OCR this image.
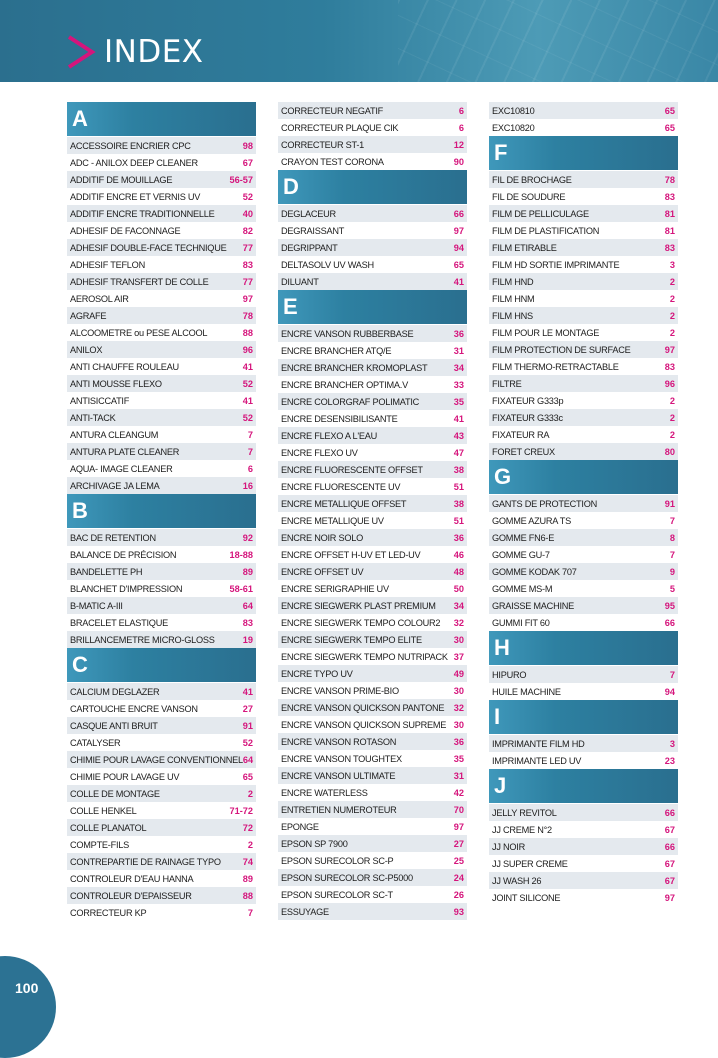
INDEX
A
ACCESSOIRE ENCRIER CPC	98
ADC - ANILOX DEEP CLEANER	67
ADDITIF DE MOUILLAGE	56-57
ADDITIF ENCRE ET VERNIS UV	52
ADDITIF ENCRE TRADITIONNELLE	40
ADHESIF DE FACONNAGE	82
ADHESIF DOUBLE-FACE TECHNIQUE 77
ADHESIF TEFLON	83
ADHESIF TRANSFERT DE COLLE	77
AEROSOL AIR	97
AGRAFE	78
ALCOOMETRE ou PESE ALCOOL	88
ANILOX	96
ANTI CHAUFFE ROULEAU	41
ANTI MOUSSE FLEXO	52
ANTISICCATIF	41
ANTI-TACK	52
ANTURA CLEANGUM	7
ANTURA PLATE CLEANER	7
AQUA- IMAGE CLEANER	6
ARCHIVAGE JA LEMA	16
B
BAC DE RETENTION	92
BALANCE DE PRÉCISION	18-88
BANDELETTE PH	89
BLANCHET D'IMPRESSION	58-61
B-MATIC A-III	64
BRACELET ELASTIQUE	83
BRILLANCEMETRE MICRO-GLOSS	19
C
CALCIUM DEGLAZER	41
CARTOUCHE ENCRE VANSON	27
CASQUE ANTI BRUIT	91
CATALYSER	52
CHIMIE POUR LAVAGE CONVENTIONNEL 64
CHIMIE POUR LAVAGE UV	65
COLLE DE MONTAGE	2
COLLE HENKEL	71-72
COLLE PLANATOL	72
COMPTE-FILS	2
CONTREPARTIE DE RAINAGE TYPO 74
CONTROLEUR D'EAU HANNA	89
CONTROLEUR D'EPAISSEUR	88
CORRECTEUR KP	7
CORRECTEUR NEGATIF	6
CORRECTEUR PLAQUE CIK	6
CORRECTEUR ST-1	12
CRAYON TEST CORONA	90
D
DEGLACEUR	66
DEGRAISSANT	97
DEGRIPPANT	94
DELTASOLV UV WASH	65
DILUANT	41
E
ENCRE VANSON RUBBERBASE	36
ENCRE BRANCHER ATQ/E	31
ENCRE BRANCHER KROMOPLAST	34
ENCRE BRANCHER OPTIMA.V	33
ENCRE COLORGRAF POLIMATIC	35
ENCRE DESENSIBILISANTE	41
ENCRE FLEXO A L'EAU	43
ENCRE FLEXO UV	47
ENCRE FLUORESCENTE OFFSET	38
ENCRE FLUORESCENTE UV	51
ENCRE METALLIQUE OFFSET	38
ENCRE METALLIQUE UV	51
ENCRE NOIR SOLO	36
ENCRE OFFSET H-UV ET LED-UV	46
ENCRE OFFSET UV	48
ENCRE SERIGRAPHIE UV	50
ENCRE SIEGWERK PLAST PREMIUM 34
ENCRE SIEGWERK TEMPO COLOUR2 32
ENCRE SIEGWERK TEMPO ELITE	30
ENCRE SIEGWERK TEMPO NUTRIPACK 37
ENCRE TYPO UV	49
ENCRE VANSON PRIME-BIO	30
ENCRE VANSON QUICKSON PANTONE 32
ENCRE VANSON QUICKSON SUPREME 30
ENCRE VANSON ROTASON	36
ENCRE VANSON TOUGHTEX	35
ENCRE VANSON ULTIMATE	31
ENCRE WATERLESS	42
ENTRETIEN NUMEROTEUR	70
EPONGE	97
EPSON SP 7900	27
EPSON SURECOLOR SC-P	25
EPSON SURECOLOR SC-P5000	24
EPSON SURECOLOR SC-T	26
ESSUYAGE	93
EXC10810	65
EXC10820	65
F
FIL DE BROCHAGE	78
FIL DE SOUDURE	83
FILM DE PELLICULAGE	81
FILM DE PLASTIFICATION	81
FILM ETIRABLE	83
FILM HD SORTIE IMPRIMANTE	3
FILM HND	2
FILM HNM	2
FILM HNS	2
FILM POUR LE MONTAGE	2
FILM PROTECTION DE SURFACE	97
FILM THERMO-RETRACTABLE	83
FILTRE	96
FIXATEUR G333p	2
FIXATEUR G333c	2
FIXATEUR RA	2
FORET CREUX	80
G
GANTS DE PROTECTION	91
GOMME AZURA TS	7
GOMME FN6-E	8
GOMME GU-7	7
GOMME KODAK 707	9
GOMME MS-M	5
GRAISSE MACHINE	95
GUMMI FIT 60	66
H
HIPURO	7
HUILE MACHINE	94
I
IMPRIMANTE FILM HD	3
IMPRIMANTE LED UV	23
J
JELLY REVITOL	66
JJ CREME N°2	67
JJ NOIR	66
JJ SUPER CREME	67
JJ WASH 26	67
JOINT SILICONE	97
100
